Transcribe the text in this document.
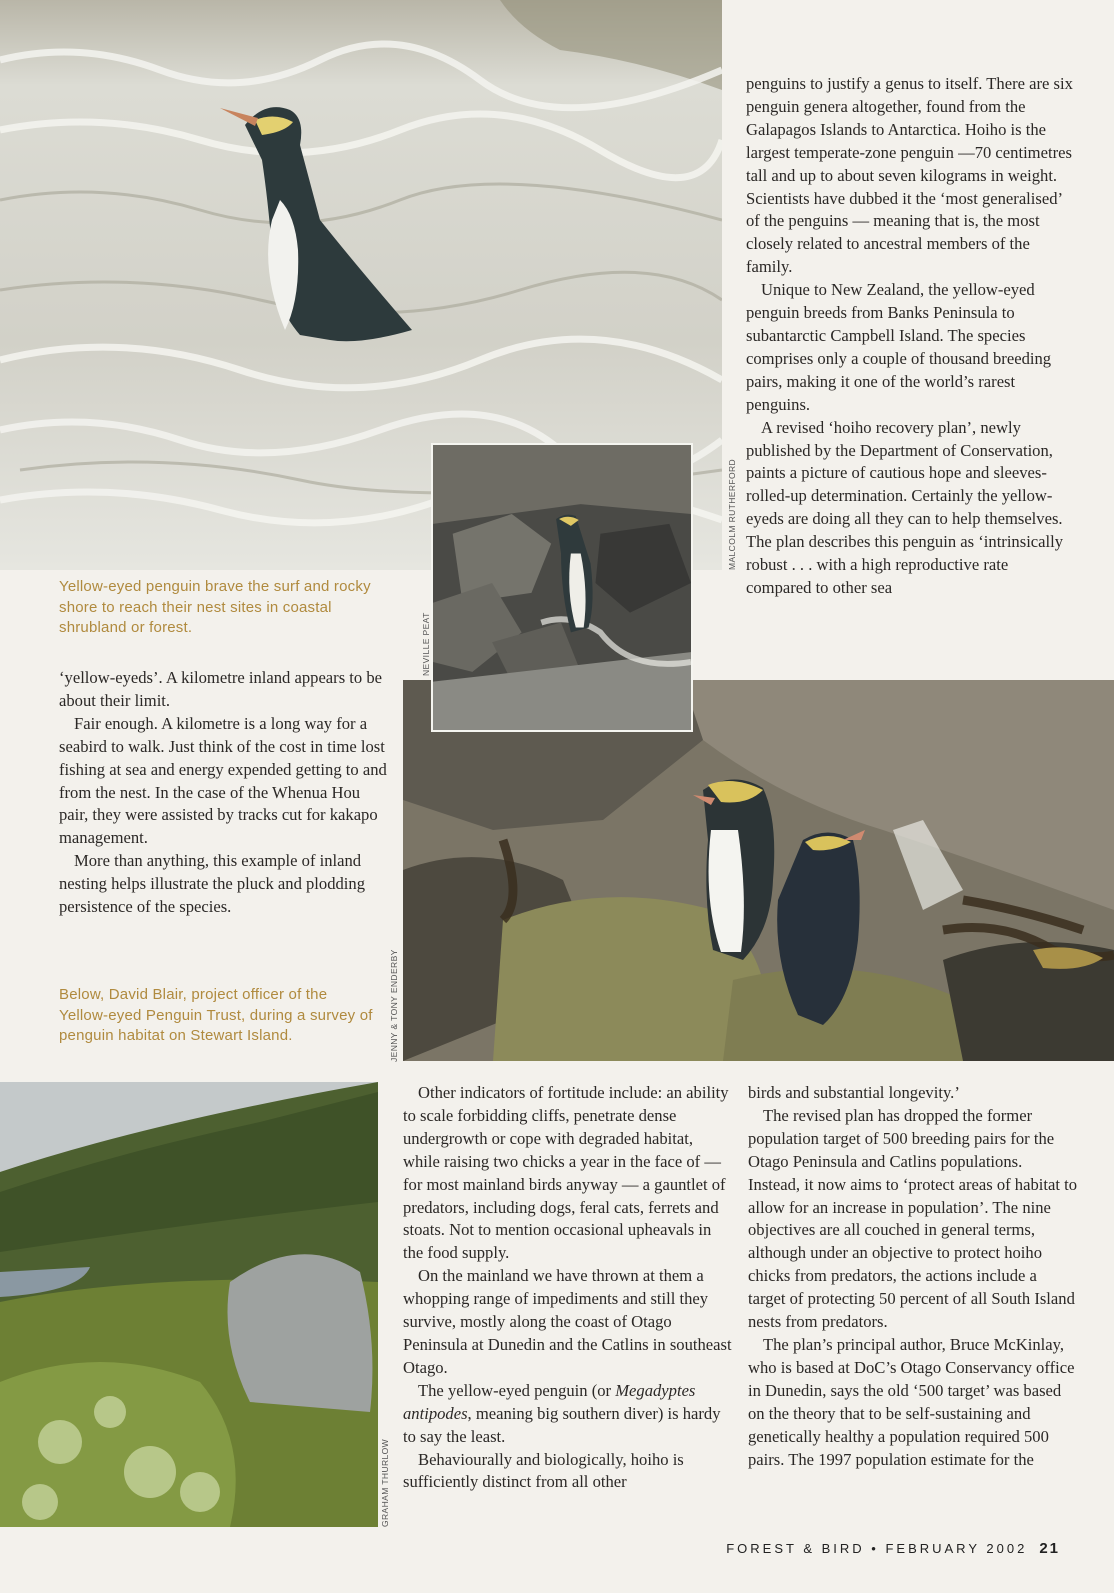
MALCOLM RUTHERFORD
NEVILLE PEAT
JENNY & TONY ENDERBY
GRAHAM THURLOW
Yellow-eyed penguin brave the surf and rocky shore to reach their nest sites in coastal shrubland or forest.
Below, David Blair, project officer of the Yellow-eyed Penguin Trust, during a survey of penguin habitat on Stewart Island.

penguins to justify a genus to itself. There are six penguin genera altogether, found from the Galapagos Islands to Antarctica. Hoiho is the largest temperate-zone penguin —70 centimetres tall and up to about seven kilograms in weight. Scientists have dubbed it the ‘most generalised’ of the penguins — meaning that is, the most closely related to ancestral members of the family.

Unique to New Zealand, the yellow-eyed penguin breeds from Banks Peninsula to subantarctic Campbell Island. The species comprises only a couple of thousand breeding pairs, making it one of the world’s rarest penguins.

A revised ‘hoiho recovery plan’, newly published by the Department of Conservation, paints a picture of cautious hope and sleeves-rolled-up determination. Certainly the yellow-eyeds are doing all they can to help themselves. The plan describes this penguin as ‘intrinsically robust . . . with a high reproductive rate compared to other sea

‘yellow-eyeds’. A kilometre inland appears to be about their limit.

Fair enough. A kilometre is a long way for a seabird to walk. Just think of the cost in time lost fishing at sea and energy expended getting to and from the nest. In the case of the Whenua Hou pair, they were assisted by tracks cut for kakapo management.

More than anything, this example of inland nesting helps illustrate the pluck and plodding persistence of the species.

Other indicators of fortitude include: an ability to scale forbidding cliffs, penetrate dense undergrowth or cope with degraded habitat, while raising two chicks a year in the face of — for most mainland birds anyway — a gauntlet of predators, including dogs, feral cats, ferrets and stoats. Not to mention occasional upheavals in the food supply.

On the mainland we have thrown at them a whopping range of impediments and still they survive, mostly along the coast of Otago Peninsula at Dunedin and the Catlins in southeast Otago.

The yellow-eyed penguin (or Megadyptes antipodes, meaning big southern diver) is hardy to say the least.

Behaviourally and biologically, hoiho is sufficiently distinct from all other

birds and substantial longevity.’

The revised plan has dropped the former population target of 500 breeding pairs for the Otago Peninsula and Catlins populations. Instead, it now aims to ‘protect areas of habitat to allow for an increase in population’. The nine objectives are all couched in general terms, although under an objective to protect hoiho chicks from predators, the actions include a target of protecting 50 percent of all South Island nests from predators.

The plan’s principal author, Bruce McKinlay, who is based at DoC’s Otago Conservancy office in Dunedin, says the old ‘500 target’ was based on the theory that to be self-sustaining and genetically healthy a population required 500 pairs. The 1997 population estimate for the

FOREST & BIRD • FEBRUARY 2002 21
